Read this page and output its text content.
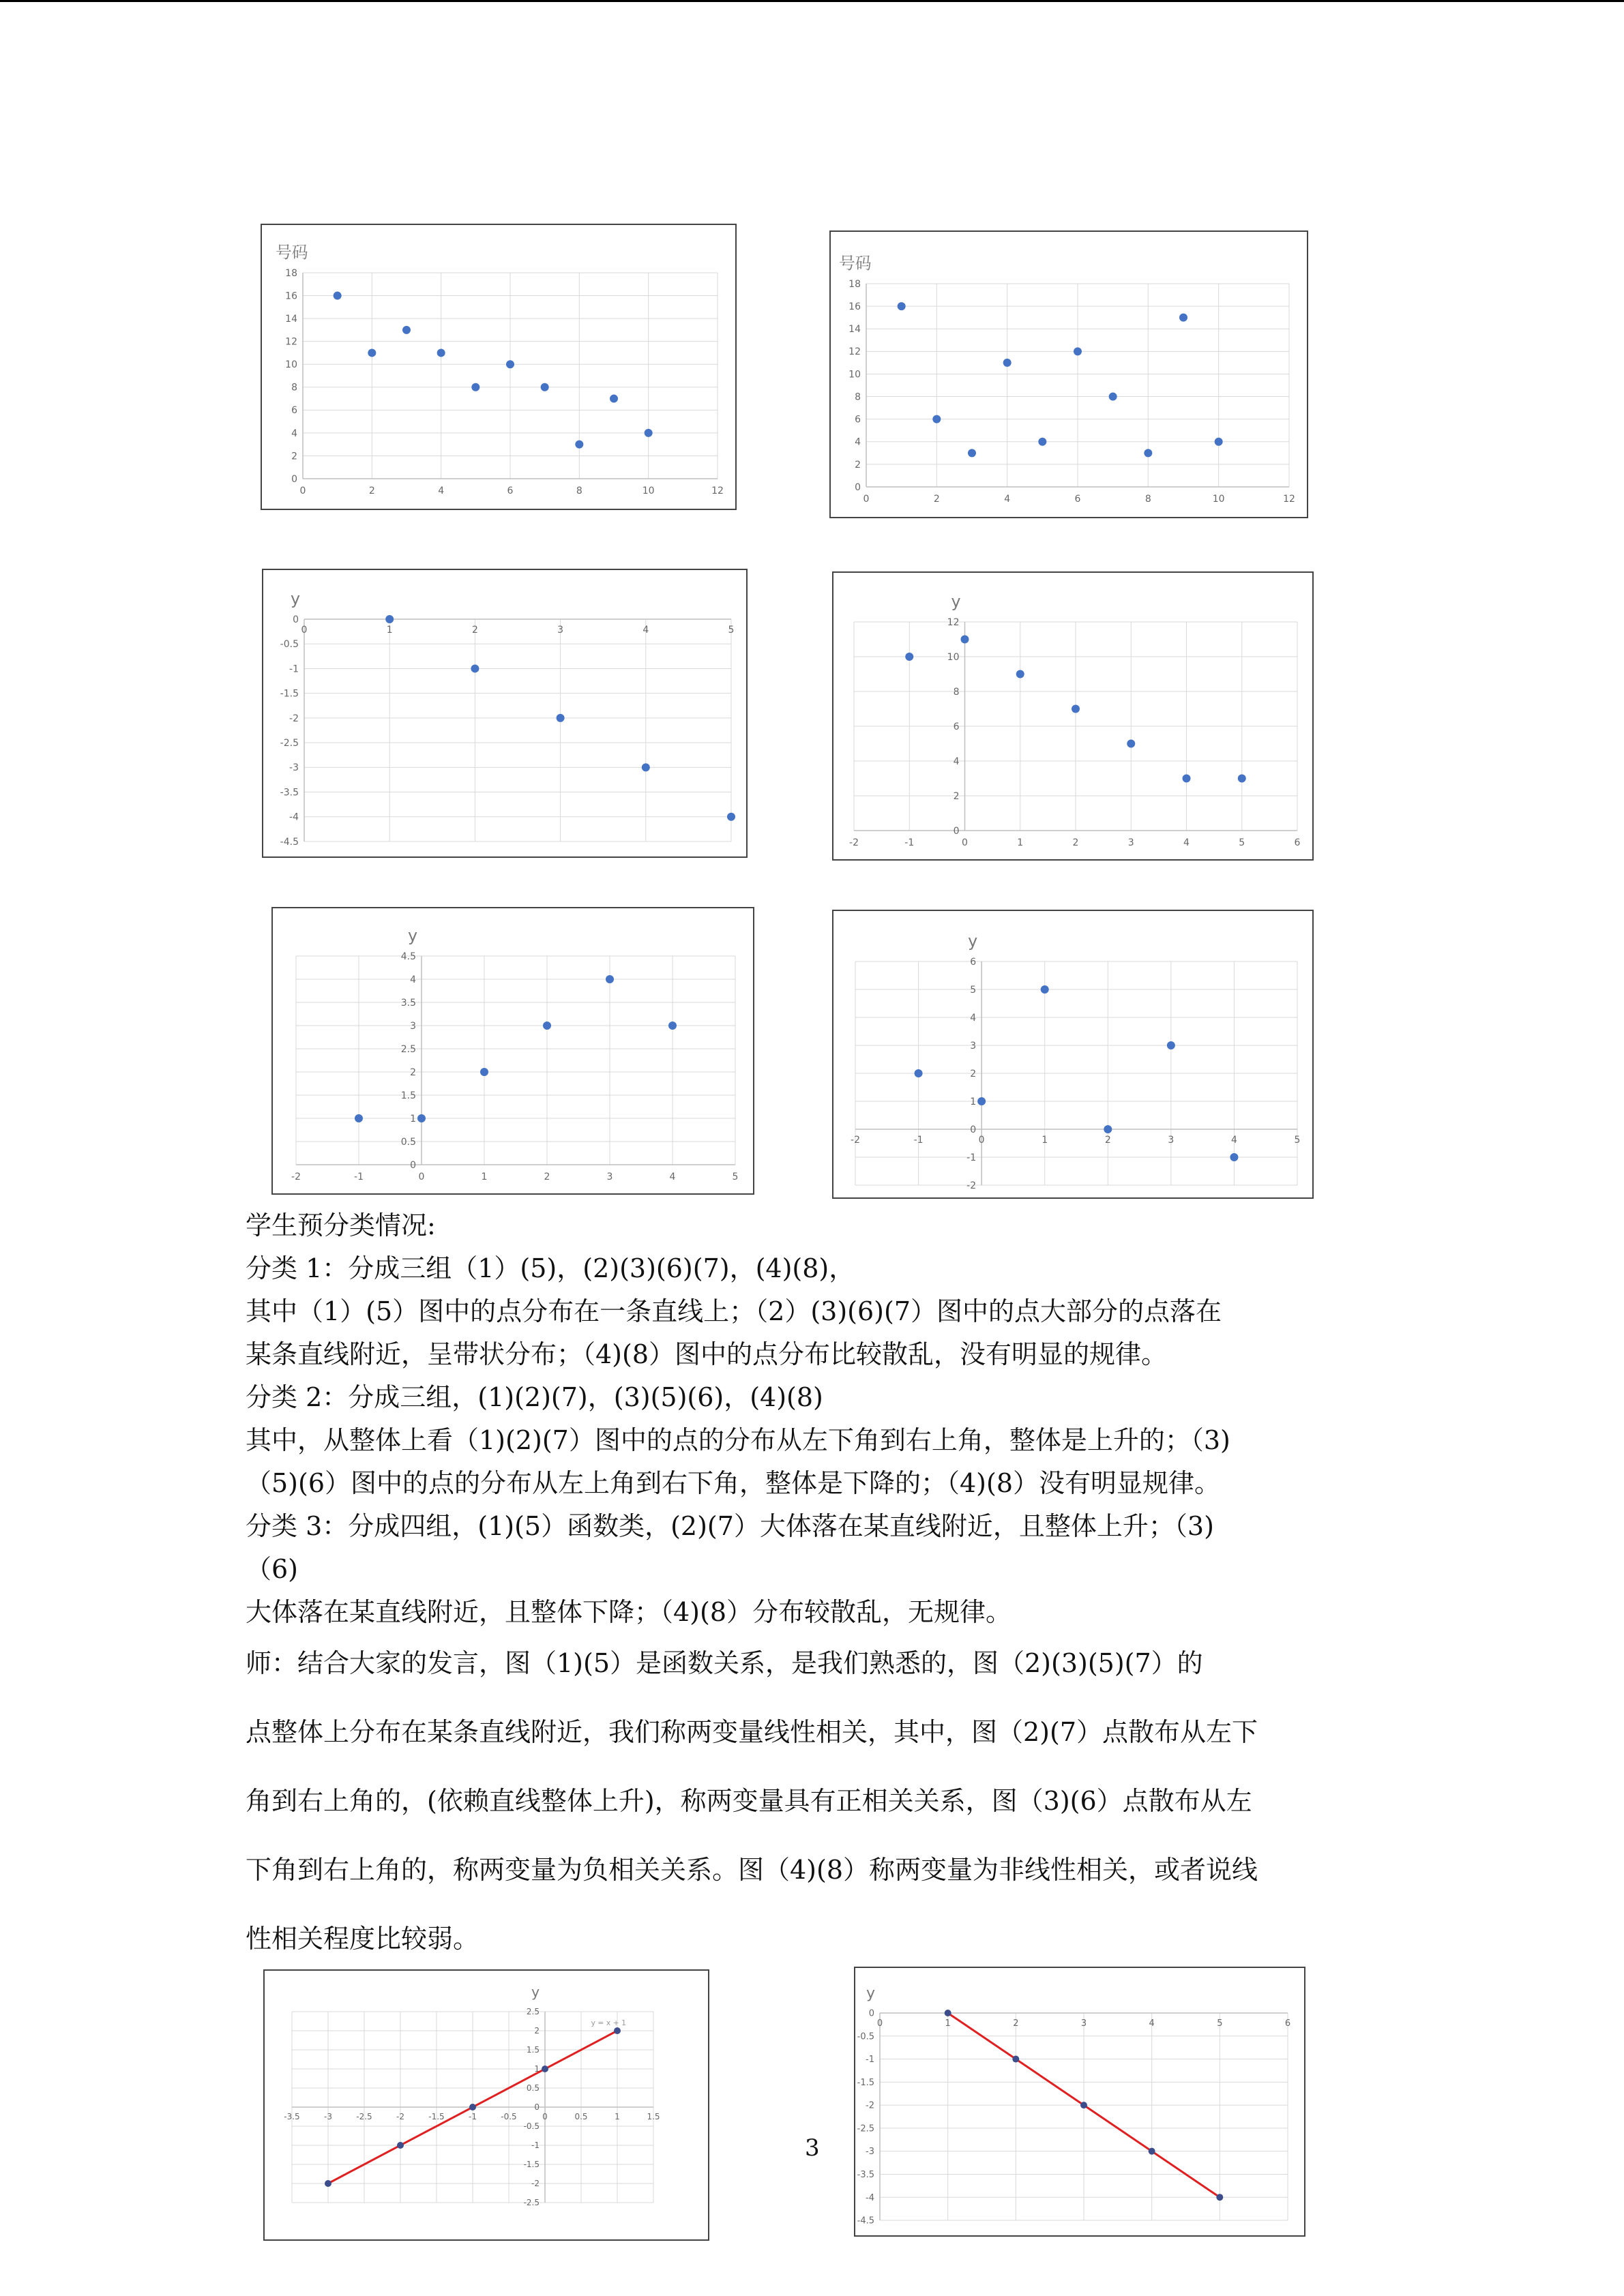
0
2
4
6
8
10
12
14
16
18
0	2	4	6	8	10	12
号码
0
2
4
6
8
10
12
14
16
18
0	2	4	6	8	10	12
号码
0
-0.5
-1
-1.5
-2
-2.5
-3
-3.5
-4
-4.5
0	1	2	3	4	5
y
0
2
4
6
8
10
12
-2	-1	0	1	2	3	4	5	6
y
0
0.5
1
1.5
2
2.5
3
3.5
4
4.5
-2	-1	0	1	2	3	4	5
y
-2
-1
0
1
2
3
4
5
6
-2	-1	0	1	2	3	4	5
y
-2.5
-2
-1.5
-1
-0.5
0
0.5
1
1.5
2
2.5
-3.5	-3	-2.5	-2	-1.5	-1	-0.5	0	0.5	1	1.5
y
y = x + 1
0
-0.5
-1
-1.5
-2
-2.5
-3
-3.5
-4
-4.5
0	1	2	3	4	5	6
y

学生预分类情况:

分类 1：分成三组（1）(5)，(2)(3)(6)(7)，(4)(8)，

其中（1）(5）图中的点分布在一条直线上；（2）(3)(6)(7）图中的点大部分的点落在

某条直线附近，呈带状分布；（4)(8）图中的点分布比较散乱，没有明显的规律。

分类 2：分成三组，(1)(2)(7)，(3)(5)(6)，(4)(8)

其中，从整体上看（1)(2)(7）图中的点的分布从左下角到右上角，整体是上升的；（3)

（5)(6）图中的点的分布从左上角到右下角，整体是下降的；（4)(8）没有明显规律。

分类 3：分成四组，(1)(5）函数类，(2)(7）大体落在某直线附近，且整体上升；（3)

（6)

大体落在某直线附近，且整体下降；（4)(8）分布较散乱，无规律。

师：结合大家的发言，图（1)(5）是函数关系，是我们熟悉的，图（2)(3)(5)(7）的

点整体上分布在某条直线附近，我们称两变量线性相关，其中，图（2)(7）点散布从左下

角到右上角的，(依赖直线整体上升)，称两变量具有正相关关系，图（3)(6）点散布从左

下角到右上角的，称两变量为负相关关系。图（4)(8）称两变量为非线性相关，或者说线

性相关程度比较弱。

3
